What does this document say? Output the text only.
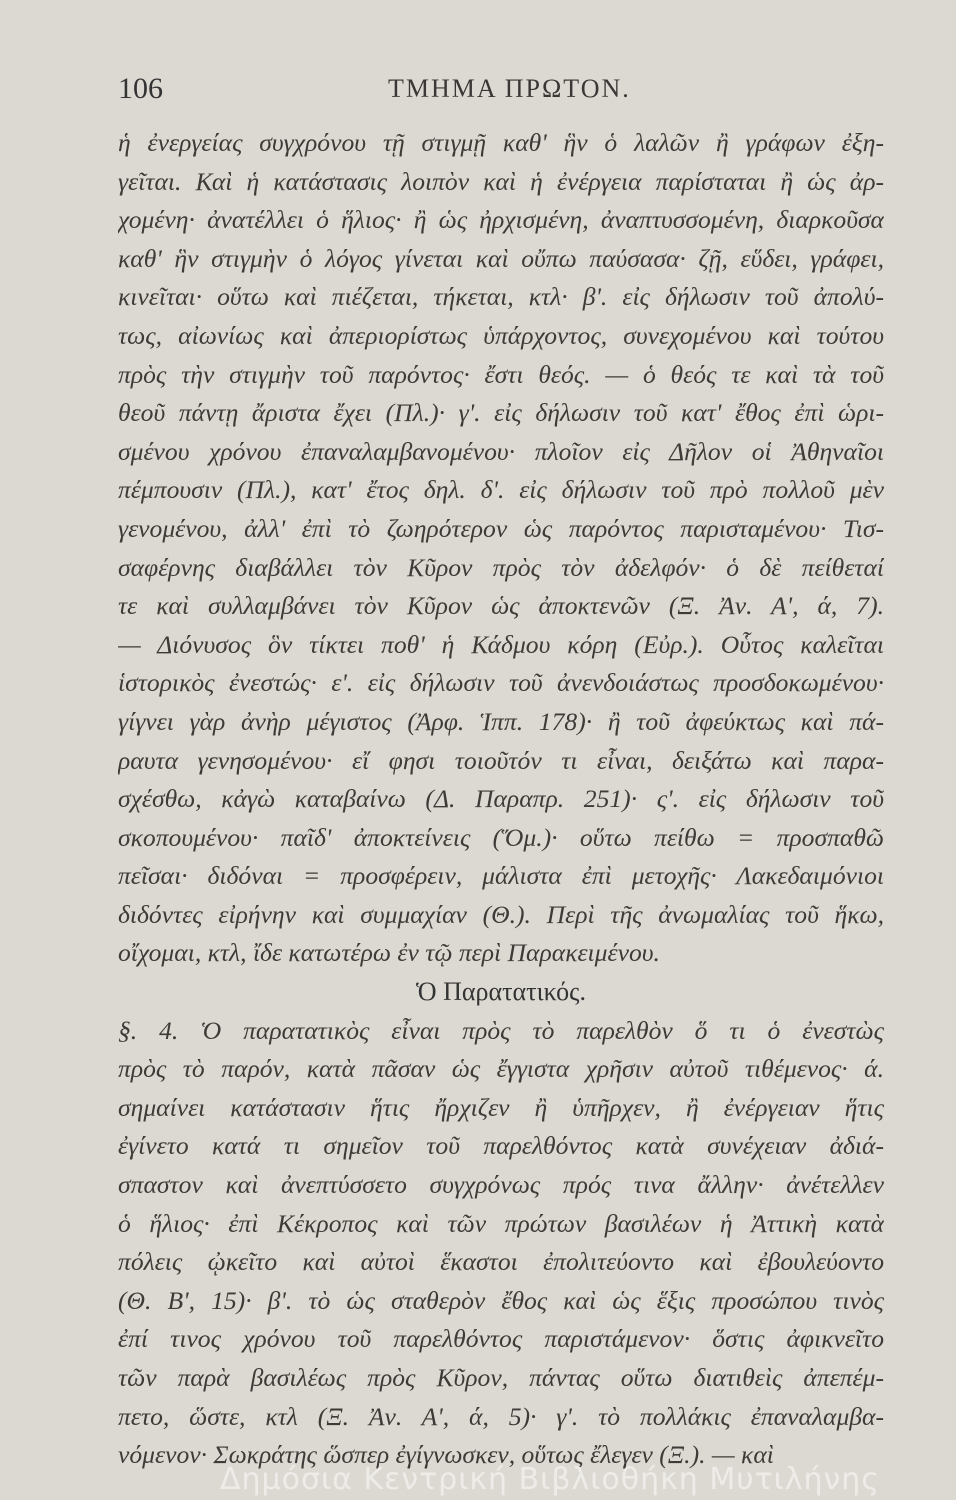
106	ΤΜΗΜΑ ΠΡΩΤΟΝ.
ἡ ἐνεργείας συγχρόνου τῇ στιγμῇ καθ' ἣν ὁ λαλῶν ἢ γράφων ἐξη-
γεῖται. Καὶ ἡ κατάστασις λοιπὸν καὶ ἡ ἐνέργεια παρίσταται ἢ ὡς ἀρ-
χομένη· ἀνατέλλει ὁ ἥλιος· ἢ ὡς ἠρχισμένη, ἀναπτυσσομένη, διαρκοῦσα
καθ' ἣν στιγμὴν ὁ λόγος γίνεται καὶ οὔπω παύσασα· ζῇ, εὕδει, γράφει,
κινεῖται· οὕτω καὶ πιέζεται, τήκεται, κτλ· β'. εἰς δήλωσιν τοῦ ἀπολύ-
τως, αἰωνίως καὶ ἀπεριορίστως ὑπάρχοντος, συνεχομένου καὶ τούτου
πρὸς τὴν στιγμὴν τοῦ παρόντος· ἔστι θεός. — ὁ θεός τε καὶ τὰ τοῦ
θεοῦ πάντῃ ἄριστα ἔχει (Πλ.)· γ'. εἰς δήλωσιν τοῦ κατ' ἔθος ἐπὶ ὡρι-
σμένου χρόνου ἐπαναλαμβανομένου· πλοῖον εἰς Δῆλον οἱ Ἀθηναῖοι
πέμπουσιν (Πλ.), κατ' ἔτος δηλ. δ'. εἰς δήλωσιν τοῦ πρὸ πολλοῦ μὲν
γενομένου, ἀλλ' ἐπὶ τὸ ζωηρότερον ὡς παρόντος παρισταμένου· Τισ-
σαφέρνης διαβάλλει τὸν Κῦρον πρὸς τὸν ἀδελφόν· ὁ δὲ πείθεταί
τε καὶ συλλαμβάνει τὸν Κῦρον ὡς ἀποκτενῶν (Ξ. Ἀν. Α', ά, 7).
— Διόνυσος ὃν τίκτει ποθ' ἡ Κάδμου κόρη (Εὐρ.). Οὗτος καλεῖται
ἱστορικὸς ἐνεστώς· ε'. εἰς δήλωσιν τοῦ ἀνενδοιάστως προσδοκωμένου·
γίγνει γὰρ ἀνὴρ μέγιστος (Ἀρφ. Ἱππ. 178)· ἢ τοῦ ἀφεύκτως καὶ πά-
ραυτα γενησομένου· εἴ φησι τοιοῦτόν τι εἶναι, δειξάτω καὶ παρα-
σχέσθω, κἀγὼ καταβαίνω (Δ. Παραπρ. 251)· ς'. εἰς δήλωσιν τοῦ
σκοπουμένου· παῖδ' ἀποκτείνεις (Ὅμ.)· οὕτω πείθω = προσπαθῶ
πεῖσαι· διδόναι = προσφέρειν, μάλιστα ἐπὶ μετοχῆς· Λακεδαιμόνιοι
διδόντες εἰρήνην καὶ συμμαχίαν (Θ.). Περὶ τῆς ἀνωμαλίας τοῦ ἥκω,
οἴχομαι, κτλ, ἴδε κατωτέρω ἐν τῷ περὶ Παρακειμένου.
Ὁ Παρατατικός.
§. 4. Ὁ παρατατικὸς εἶναι πρὸς τὸ παρελθὸν ὅ τι ὁ ἐνεστὼς
πρὸς τὸ παρόν, κατὰ πᾶσαν ὡς ἔγγιστα χρῆσιν αὐτοῦ τιθέμενος· ά.
σημαίνει κατάστασιν ἥτις ἤρχιζεν ἢ ὑπῆρχεν, ἢ ἐνέργειαν ἥτις
ἐγίνετο κατά τι σημεῖον τοῦ παρελθόντος κατὰ συνέχειαν ἀδιά-
σπαστον καὶ ἀνεπτύσσετο συγχρόνως πρός τινα ἄλλην· ἀνέτελλεν
ὁ ἥλιος· ἐπὶ Κέκροπος καὶ τῶν πρώτων βασιλέων ἡ Ἀττικὴ κατὰ
πόλεις ᾠκεῖτο καὶ αὐτοὶ ἕκαστοι ἐπολιτεύοντο καὶ ἐβουλεύοντο
(Θ. Β', 15)· β'. τὸ ὡς σταθερὸν ἔθος καὶ ὡς ἕξις προσώπου τινὸς
ἐπί τινος χρόνου τοῦ παρελθόντος παριστάμενον· ὅστις ἀφικνεῖτο
τῶν παρὰ βασιλέως πρὸς Κῦρον, πάντας οὕτω διατιθεὶς ἀπεπέμ-
πετο, ὥστε, κτλ (Ξ. Ἀν. Α', ά, 5)· γ'. τὸ πολλάκις ἐπαναλαμβα-
νόμενον· Σωκράτης ὥσπερ ἐγίγνωσκεν, οὕτως ἔλεγεν (Ξ.). — καὶ
Δημόσια Κεντρική Βιβλιοθήκη Μυτιλήνης
